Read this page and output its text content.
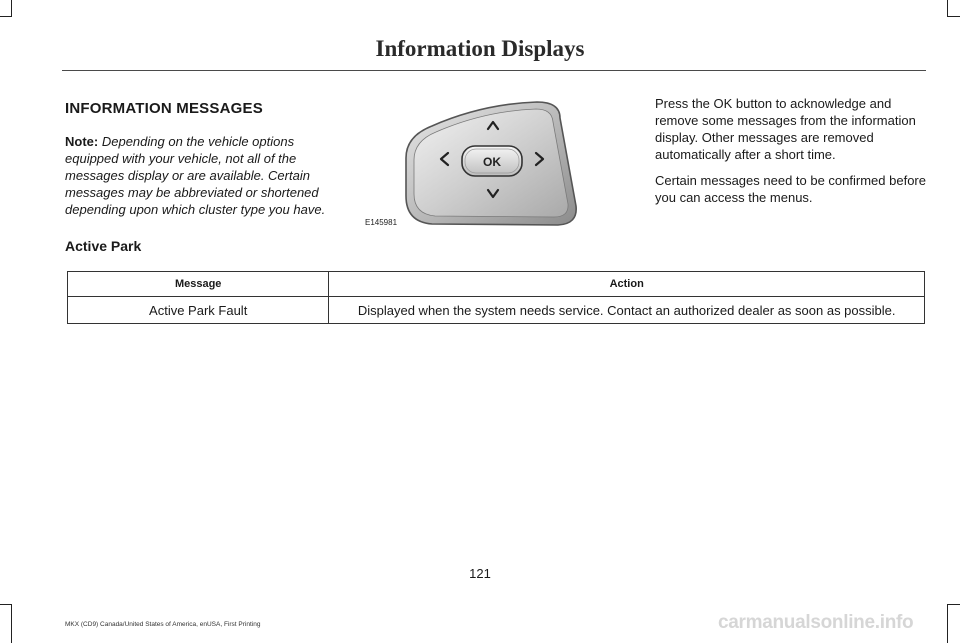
Information Displays
INFORMATION MESSAGES
Note: Depending on the vehicle options equipped with your vehicle, not all of the messages display or are available. Certain messages may be abbreviated or shortened depending upon which cluster type you have.
OK
E145981

Press the OK button to acknowledge and remove some messages from the information display. Other messages are removed automatically after a short time.

Certain messages need to be confirmed before you can access the menus.

Active Park
Message	Action
Active Park Fault	Displayed when the system needs service. Contact an authorized dealer as soon as possible.
121
MKX (CD9) Canada/United States of America, enUSA, First Printing	carmanualsonline.info
